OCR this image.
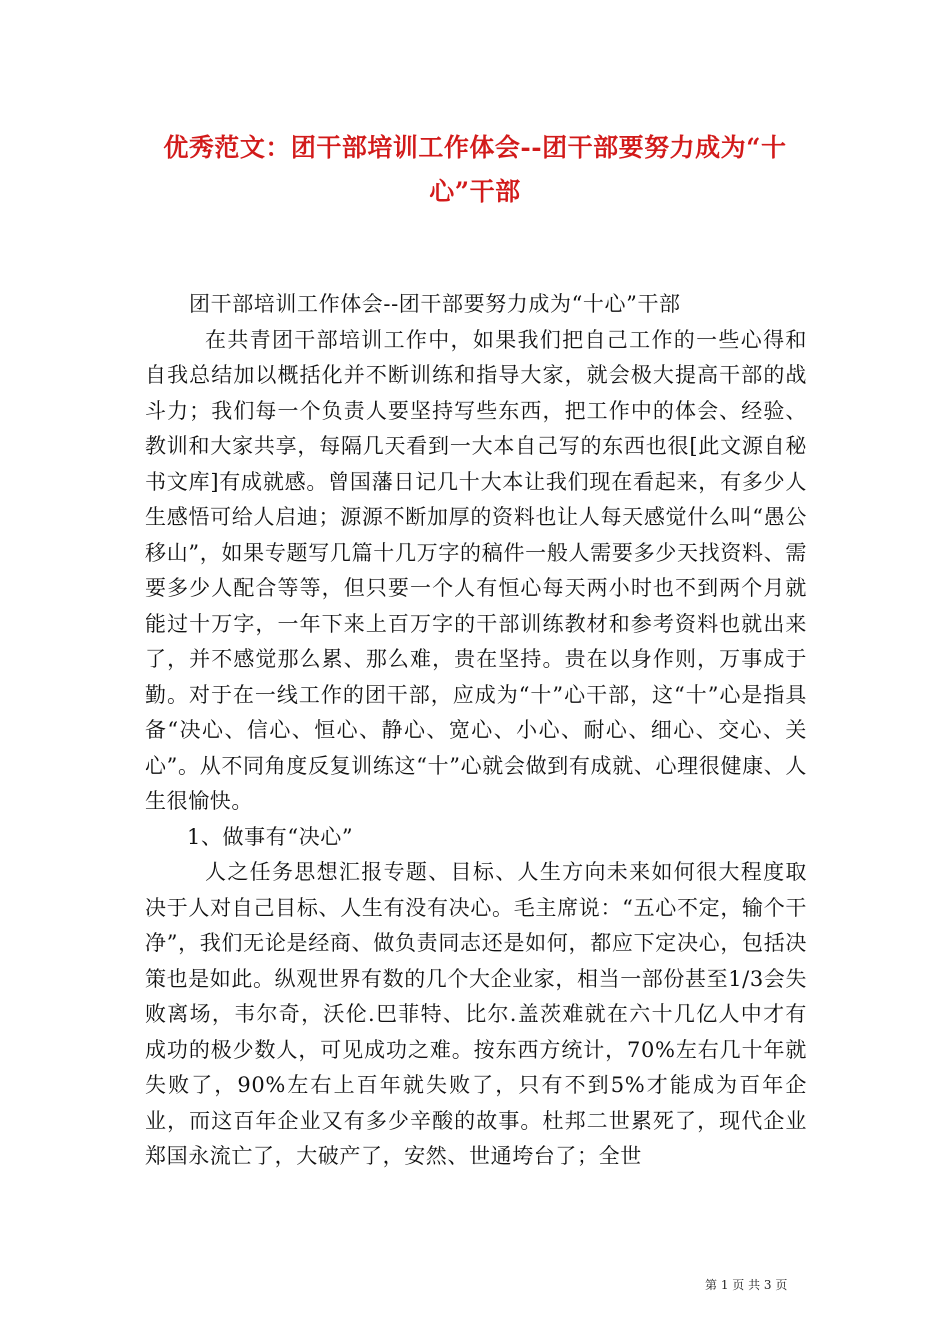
优秀范文：团干部培训工作体会--团干部要努力成为“十心”干部

团干部培训工作体会--团干部要努力成为“十心”干部

在共青团干部培训工作中，如果我们把自己工作的一些心得和自我总结加以概括化并不断训练和指导大家，就会极大提高干部的战斗力；我们每一个负责人要坚持写些东西，把工作中的体会、经验、教训和大家共享，每隔几天看到一大本自己写的东西也很[此文源自秘书文库]有成就感。曾国藩日记几十大本让我们现在看起来，有多少人生感悟可给人启迪；源源不断加厚的资料也让人每天感觉什么叫“愚公移山”，如果专题写几篇十几万字的稿件一般人需要多少天找资料、需要多少人配合等等，但只要一个人有恒心每天两小时也不到两个月就能过十万字，一年下来上百万字的干部训练教材和参考资料也就出来了，并不感觉那么累、那么难，贵在坚持。贵在以身作则，万事成于勤。对于在一线工作的团干部，应成为“十”心干部，这“十”心是指具备“决心、信心、恒心、静心、宽心、小心、耐心、细心、交心、关心”。从不同角度反复训练这“十”心就会做到有成就、心理很健康、人生很愉快。

1、做事有“决心”

人之任务思想汇报专题、目标、人生方向未来如何很大程度取决于人对自己目标、人生有没有决心。毛主席说：“五心不定，输个干净”，我们无论是经商、做负责同志还是如何，都应下定决心，包括决策也是如此。纵观世界有数的几个大企业家，相当一部份甚至1/3会失败离场，韦尔奇，沃伦.巴菲特、比尔.盖茨难就在六十几亿人中才有成功的极少数人，可见成功之难。按东西方统计，70%左右几十年就失败了，90%左右上百年就失败了，只有不到5%才能成为百年企业，而这百年企业又有多少辛酸的故事。杜邦二世累死了，现代企业郑国永流亡了，大破产了，安然、世通垮台了；全世

第 1 页 共 3 页
